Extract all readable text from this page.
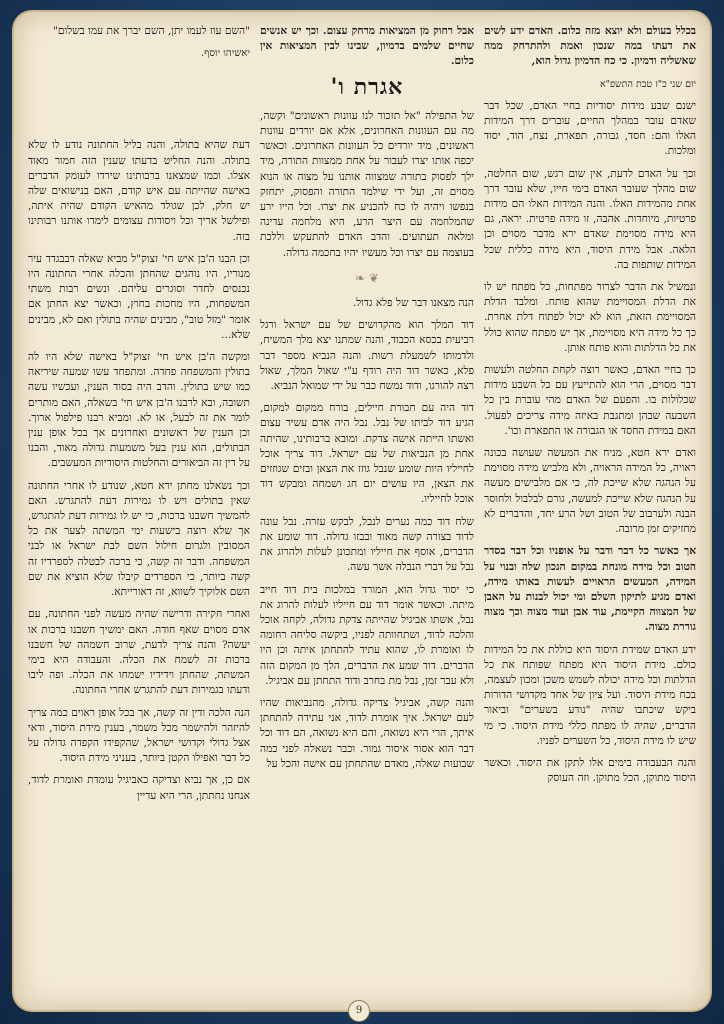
בכלל בעולם ולא יוצא מזה כלום. האדם ידע לשים את דעתו במה שנכון ואמת ולהתרחק ממה שאשליה ודמיון. כי כח הדמיון גדול הוא,

יום שני כ"ז טבת התשפ"א

ישנם שבע מידות יסודיות בחיי האדם, שכל דבר שאדם עובר במהלך החיים, עוברים דרך המידות האלו והם: חסד, גבורה, תפארת, נצח, הוד, יסוד ומלכות.

וכך על האדם לדעת, אין שום רגש, שום החלטה, שום מהלך שעובר האדם בימי חייו, שלא עובר דרך אחת מהמידות האלו. והנה המידות האלו הם מידות פרטיות, מיוחדות. אהבה, זו מידה פרטית. יראה, גם היא מידה מסוימת שאדם ירא מדבר מסוים וכן הלאה. אבל מידת היסוד, היא מידה כללית שכל המידות שותפות בה.

ונמשיל את הדבר לצרור מפתחות, כל מפתח יש לו את הדלת המסויימת שהוא פותח. ומלבד הדלת המסויימת הזאת, הוא לא יכול לפתוח דלת אחרת. כך כל מידה היא מסויימת, אך יש מפתח שהוא כולל את כל הדלתות והוא פותח אותן.

כך בחיי האדם, כאשר רוצה לקחת החלטה ולעשות דבר מסוים, הרי הוא להתייעץ עם כל השבע מידות שכלולות בו. והפעם של האדם מהי עוברת בין כל השבעה שבהן ומתגבת באיזה מידה צריכים לפעול. האם במידת החסד או הגבורה או התפארת וכו'.

ואדם ירא חטא, מניח את המעשה שעושה בכונה ראויה, כל המידה הראויה, ולא מלביש מידה מסוימת על הנהגה שלא שייכת לה, כי אם מלבישים מעשה על הנהגה שלא שייכת למעשה, גורם לבלבול ולחוסר הבנה ולערבוב של הטוב ושל הרע יחד, והדברים לא מחזיקים זמן מרובה.

אך כאשר כל דבר ודבר על אופניו וכל דבר בסדר הטוב וכל מידה מונחת במקום הנכון שלה ובנוי על המידה, המעשים הראויים לעשות באותו מידה, ואדם מגיע לתיקון השלם ומי יכול לבנות על האבן של המצווה הקיימת, עוד אבן ועוד מצוה וכך מצוה גוררת מצוה.

ידע האדם שמידת היסוד היא כוללת את כל המידות כולם. מידת היסוד היא מפתח שפותח את כל הדלתות וכל מידה יכולה לשמש משכן ומכון לעצמה, בכח מידת היסוד. ועל ציון של אחד מקדושי הדורות ביקש שיכתבו שהיה "נודע בשערים" וביאור הדברים, שהיה לו מפתח כללי מידת היסוד. כי מי שיש לו מידת היסוד, כל השערים לפניו.

והנה הבעבודה בימים אלו לתקן את היסוד. וכאשר היסוד מתוקן, הכל מתוקן. וזה העוסק

אבל רחוק מן המציאות מרחק עצום. וכך יש אנשים שחיים שלמים בדמיון, שבינו לבין המציאות אין כלום.

אגרת ו'

של התפילה "אל תזכור לנו עוונות ראשונים" וקשה, מה עם העוונות האחרונים, אלא אם יורדים עוונות ראשונים, מיד יורדים כל העוונות האחרונים. וכאשר יכפה אותו יצרו לעבור על אחת ממצוות התורה, מיד ילך לפסוק בתורה שמצווה אותנו על מצוה או הנוא מסוים זה, ועל ידי שילמד התורה והפסוק, יתחזק בנפשו ויהיה לו כח להכניע את יצרו. וכל הייו ירע שהמלחמה עם היצר הרע, היא מלחמה עדינה ומלאה תעתועים. והדב האדם להתעקש וללכת בעוצמה עם יצרו וכל מעשיו יהיו בחכמה גדולה.

❦ ❧

הנה מצאנו דבר של פלא גדול.

דוד המלך הוא מהקדושים של עם ישראל ורגל רביעית בכסא הכבוד, והנה שמתנו יצא מלך המשיח, ולדמותו לשמעלת רשות. והנה הנביא מספר דבר פלא, כאשר דוד היה רודף ע"י שאול המלך, שאול רצה להורגו, ודוד נמשח כבר על ידי שמואל הנביא.

דוד היה עם חבורת חיילים, בורח ממקום למקום, הגיע דוד לביתו של נבל. נבל היה אדם עשיר עצום ואשתו הייתה אישה צדקת. ומובא ברבותינו, שהיתה אחת מן הנביאות של עם ישראל. דוד צריך אוכל לחייליו היות שומע שנבל גוזז את הצאן ובזים שגוזזים את הצאן, היו עושים יום חג ושמחה ומבקש דוד אוכל לחייליו.

שלח דוד כמה נערים לנבל, לבקש עזרה. נבל עונה לדוד בצורה קשה מאוד ובבזו גדולה. דוד שומע את הדברים, אוסף את חייליו ומתכונן לעלות ולהרוג את נבל על דברי הנבלה אשר עשה.

כי יסוד גדול הוא, המורד במלכות בית דוד חייב מיתה. וכאשר אומר דוד עם חייליו לעלות להרוג את נבל, אשתו אביגיל שהייתה צדקת גדולה, לקחה אוכל והלכה לדוד, ושתחוותה לפניו, ביקשה סליחה רחומה לו ואומרת לו, שהוא עתיד להתחתן איתה וכן היו הדברים. דוד שמע את הדברים, הלך מן המקום הזה ולא עבר זמן, נבל מת בחרב ודוד התחתן עם אביגיל.

והנה קשה, אביגיל צדיקה גדולה, מהנביאות שהיו לעם ישראל. איך אומרת לדוד, אני עתידה להתחתן איתך, הרי היא נשואה, והם היא נשואה, הם דוד וכל דבר הוא אסור איסור גמור. וכבר נשאלה לפני כמה שבועות שאלה, מאדם שהתחתן עם אישה והכל על

"השם עוז לעמו יתן, השם יברך את עמו בשלום"

יאשיהו יוסף.

דעת שהיא בתולה, והנה בליל החתונה נודע לו שלא בתולה. והנה החליט בדעתו שענין הזה חמור מאוד אצלו. וכמו שמצאנו ברבותינו שירדו לעומק הדברים באישה שהייתה עם איש קודם, האם בנישואים שלה יש חלק, לכן שגולד מהאיש הקודם שהיה איתה, ופילשל אריך וכל ויסודות עצומים לימדו אותנו רבותינו בזה.

וכן הבנו ה'בן איש חי' זצוק"ל מביא שאלה דבבגדד עיר מנוריו, היו נוהגים שהחתן והכלה אחרי החתונה היו נכנסים לחדר וסוגרים עליהם. ונשים רבות משתי המשפחות, היו מחכות בחוץ, וכאשר יצא החתן אם אומר "מזל טוב", מבינים שהיה בתולין ואם לא, מבינים שלא...

ומקשה ה'בן איש חי' זצוק"ל באישה שלא היו לה בתולין והמשפחה פחדה. ומתפחד עשו שמעה שיריאה כמו שיש בתולין. והדב היה בסוד הענין, ועכשיו עשה תשובה, ובא לרבנו ה'בן איש חי' בשאלה, האם מותרים לומר את זה לבעל, או לא. ומביא רבנו פילפול ארוך. וכן הענין של ראשונים ואחרונים אך בכל אופן ענין הבתולים, הוא ענין בעל משמעות גדולה מאוד, והבנו על דין זה הביאורים והחלטות היסודיות המעשבים.

וכך נשאלנו מחתן ירא חטא, שנודע לו אחרי החתונה שאין בתולים ויש לו גמירות דעת להתגרש. האם להמשיך חשבנו ברכות, כי יש לו גמירות דעת להתגרש, אך שלא רוצה בישעות ימי המשתה לצער את כל המסובין ולגרום חילול השם לבת ישראל או לבני המשפחה. ודבר זה קשה, כי ברכה לבטלה לספרדיו זה קשה ביותר, כי הספרדים קיבלו שלא הוציא את שם השם אלוקיך לשווא, זה דאורייתא.

ואחרי חקירה ודרישה שהיה מעשה לפני החתונה, עם אדם מסוים שאף חודה. האם ימשיך חשבנו ברכות או יעשה? והנה צריך לדעת, שרוב חשמהה של חשבנו ברכות זה לשמח את הכלה. והעבודה היא בימי המשתה, שהחתן וידידיו ישמחו את הכלה. ופה ליבו ודעתו בגמירות דעת להתגרש אחרי החתונה.

הנה הלכה ודין זה קשה, אך בכל אופן ראוים כמה צריך להיזהר ולהישמר מכל משמר, בענין מידת היסוד, ודאי אצל גדולי וקדושי ישראל, שהקפידו הקפדה גדולה על כל דבר ואפילו הקטן ביותר, בעניני מידת היסוד.

אם כן, אך נביא וצדיקה כאביגיל עומדת ואומרת לדוד, אנחנו נחתתן, הרי היא עדיין

9
